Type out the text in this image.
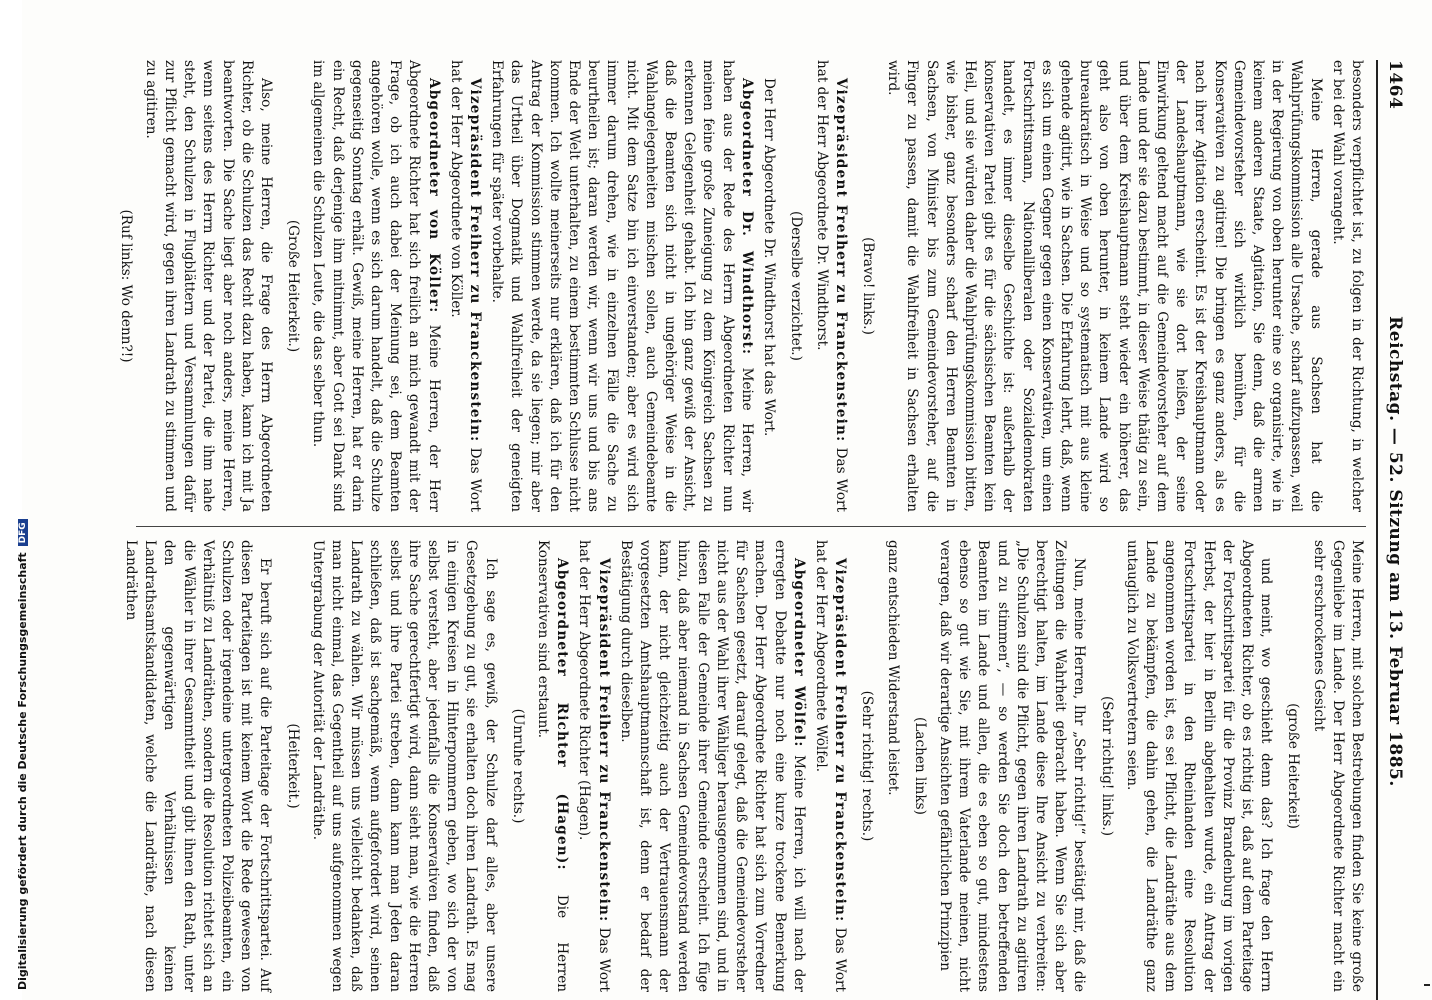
1464
Reichstag. — 52. Sitzung am 13. Februar 1885.

besonders verpflichtet ist, zu folgen in der Richtung, in welcher er bei der Wahl vorangeht.

Meine Herren, gerade aus Sachsen hat die Wahlprüfungskommission alle Ursache, scharf aufzupassen, weil in der Regierung von oben herunter eine so organisirte, wie in keinem anderen Staate, Agitation, Sie denn, daß die armen Gemeindevorsteher sich wirklich bemühen, für die Konservativen zu agitiren! Die bringen es ganz anders, als es nach ihrer Agitation erscheint. Es ist der Kreishauptmann oder der Landeshauptmann, wie sie dort heißen, der seine Einwirkung geltend macht auf die Gemeindevorsteher auf dem Lande und der sie dazu bestimmt, in dieser Weise thätig zu sein, und über dem Kreishauptmann steht wieder ein höherer, das geht also von oben herunter, in keinem Lande wird so bureaukratisch in Weise und so systematisch mit aus kleine gehende agitirt, wie in Sachsen. Die Erfahrung lehrt, daß, wenn es sich um einen Gegner gegen einen Konservativen, um einen Fortschrittsmann, Nationalliberalen oder Sozialdemokraten handelt, es immer dieselbe Geschichte ist: außerhalb der konservativen Partei gibt es für die sächsischen Beamten kein Heil, und sie würden daher die Wahlprüfungskommission bitten, wie bisher, ganz besonders scharf den Herren Beamten in Sachsen, von Minister bis zum Gemeindevorsteher, auf die Finger zu passen, damit die Wahlfreiheit in Sachsen erhalten wird.

(Bravo! links.)

Vizepräsident Freiherr zu Franckenstein: Das Wort hat der Herr Abgeordnete Dr. Windthorst.

(Derselbe verzichtet.)

Der Herr Abgeordnete Dr. Windthorst hat das Wort.

Abgeordneter Dr. Windthorst: Meine Herren, wir haben aus der Rede des Herrn Abgeordneten Richter nun meinen feine große Zuneigung zu dem Königreich Sachsen zu erkennen Gelegenheit gehabt. Ich bin ganz gewiß der Ansicht, daß die Beamten sich nicht in ungehöriger Weise in die Wahlangelegenheiten mischen sollen, auch Gemeindebeamte nicht. Mit dem Satze bin ich einverstanden; aber es wird sich immer darum drehen, wie in einzelnen Fälle die Sache zu beurtheilen ist; daran werden wir, wenn wir uns und bis ans Ende der Welt unterhalten, zu einem bestimmten Schlusse nicht kommen. Ich wollte meinerseits nur erklären, daß ich für den Antrag der Kommission stimmen werde, da sie liegen; mir aber das Urtheil über Dogmatik und Wahlfreiheit der geneigten Erfahrungen für später vorbehalte.

Vizepräsident Freiherr zu Franckenstein: Das Wort hat der Herr Abgeordnete von Köller.

Abgeordneter von Köller: Meine Herren, der Herr Abgeordnete Richter hat sich freilich an mich gewandt mit der Frage, ob ich auch dabei der Meinung sei, dem Beamten angehören wolle, wenn es sich darum handelt, daß die Schulze gegenseitig Sonntag erhält. Gewiß, meine Herren, hat er darin ein Recht, daß derjenige ihm mitnimmt, aber Gott sei Dank sind im allgemeinen die Schulzen Leute, die das selber thun.

(Große Heiterkeit.)

Also, meine Herren, die Frage des Herrn Abgeordneten Richter, ob die Schulzen das Recht dazu haben, kann ich mit Ja beantworten. Die Sache liegt aber noch anders, meine Herren, wenn seitens des Herrn Richter und der Partei, die ihm nahe steht, den Schulzen in Flugblättern und Versammlungen dafür zur Pflicht gemacht wird, gegen ihren Landrath zu stimmen und zu agitiren.

(Ruf links: Wo denn?!)

Meine Herren, mit solchen Bestrebungen finden Sie keine große Gegenliebe im Lande. Der Herr Abgeordnete Richter macht ein sehr erschrockenes Gesicht

(große Heiterkeit)

und meint, wo geschieht denn das? Ich frage den Herrn Abgeordneten Richter, ob es richtig ist, daß auf dem Parteitage der Fortschrittspartei für die Provinz Brandenburg im vorigen Herbst, der hier in Berlin abgehalten wurde, ein Antrag der Fortschrittspartei in den Rheinlanden eine Resolution angenommen worden ist, es sei Pflicht, die Landräthe aus dem Lande zu bekämpfen, die dahin gehen, die Landräthe ganz untauglich zu Volksvertretern seien.

(Sehr richtig! links.)

Nun, meine Herren, Ihr „Sehr richtig!“ bestätigt mir, daß die Zeitungen die Wahrheit gebracht haben. Wenn Sie sich aber berechtigt halten, im Lande diese Ihre Ansicht zu verbreiten: „Die Schulzen sind die Pflicht, gegen ihren Landrath zu agitiren und zu stimmen“, — so werden Sie doch den betreffenden Beamten im Lande und allen, die es eben so gut, mindestens ebenso so gut wie Sie, mit ihrem Vaterlande meinen, nicht verargen, daß wir derartige Ansichten gefährlichen Prinzipien

(Lachen links)

ganz entschieden Widerstand leistet.

(Sehr richtig! rechts.)

Vizepräsident Freiherr zu Franckenstein: Das Wort hat der Herr Abgeordnete Wölfel.

Abgeordneter Wölfel: Meine Herren, ich will nach der erregten Debatte nur noch eine kurze trockene Bemerkung machen. Der Herr Abgeordnete Richter hat sich zum Vorredner für Sachsen gesetzt, darauf gelegt, daß die Gemeindevorsteher nicht aus der Wahl ihrer Wähliger herausgenommen sind, und in diesen Falle der Gemeinde ihrer Gemeinde erscheint. Ich füge hinzu, daß aber niemand in Sachsen Gemeindevorstand werden kann, der nicht gleichzeitig auch der Vertrauensmann der vorgesetzten Amtshauptmannschaft ist, denn er bedarf der Bestätigung durch dieselben.

Vizepräsident Freiherr zu Franckenstein: Das Wort hat der Herr Abgeordnete Richter (Hagen).

Abgeordneter Richter (Hagen): Die Herren Konservativen sind erstaunt.

(Unruhe rechts.)

Ich sage es, gewiß, der Schulze darf alles, aber unsere Gesetzgebung zu gut, sie erhalten doch ihren Landrath. Es mag in einigen Kreisen in Hinterpommern geben, wo sich der von selbst versteht, aber jedenfalls die Konservativen finden, daß ihre Sache gerechtfertigt wird, dann sieht man, wie die Herren selbst und ihre Partei streben, dann kann man Jeden daran schließen, daß ist sachgemäß, wenn aufgefordert wird, seinen Landrath zu wählen. Wir müssen uns vielleicht bedanken, daß man nicht einmal, das Gegentheil auf uns aufgenommen wegen Untergrabung der Autorität der Landräthe.

(Heiterkeit.)

Er beruft sich auf die Parteitage der Fortschrittspartei. Auf diesen Parteitagen ist mit keinem Wort die Rede gewesen von Schulzen oder irgendeine untergeordneten Polizeibeamten, ein Verhältniß zu Landräthen, sondern die Resolution richtet sich an die Wähler in ihrer Gesammtheit und gibt ihnen den Rath, unter den gegenwärtigen Verhältnissen keinen Landrathsamtskandidaten, welche die Landräthe, nach diesen Landräthen

Digitalisierung gefördert durch die Deutsche ForschungsgemeinschaftDFG
